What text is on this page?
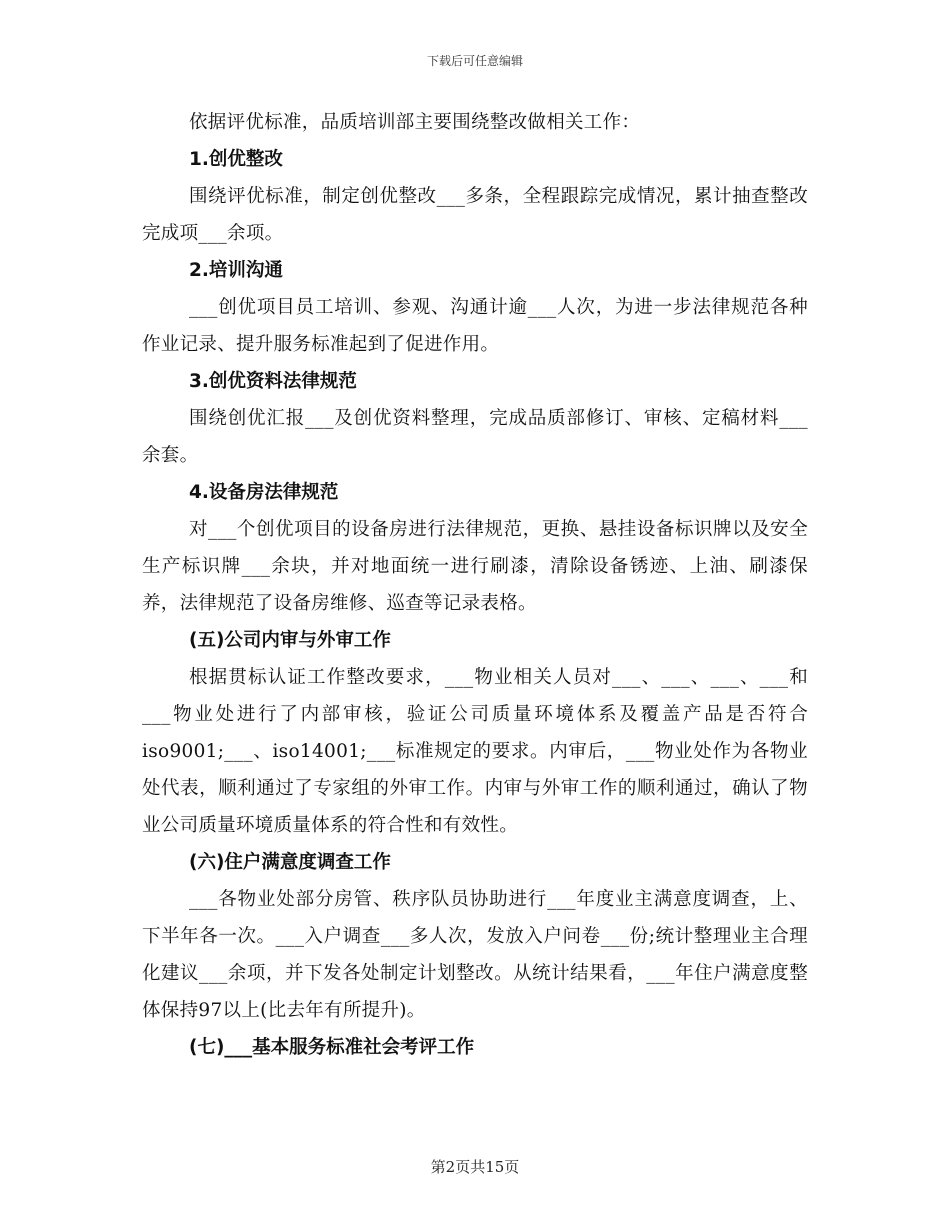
下载后可任意编辑
依据评优标准，品质培训部主要围绕整改做相关工作：
1.创优整改
围绕评优标准，制定创优整改___多条，全程跟踪完成情况，累计抽查整改完成项___余项。
2.培训沟通
___创优项目员工培训、参观、沟通计逾___人次，为进一步法律规范各种作业记录、提升服务标准起到了促进作用。
3.创优资料法律规范
围绕创优汇报___及创优资料整理，完成品质部修订、审核、定稿材料___余套。
4.设备房法律规范
对___个创优项目的设备房进行法律规范，更换、悬挂设备标识牌以及安全生产标识牌___余块，并对地面统一进行刷漆，清除设备锈迹、上油、刷漆保养，法律规范了设备房维修、巡查等记录表格。
(五)公司内审与外审工作
根据贯标认证工作整改要求，___物业相关人员对___、___、___、___和___物业处进行了内部审核，验证公司质量环境体系及覆盖产品是否符合iso9001;___、iso14001;___标准规定的要求。内审后，___物业处作为各物业处代表，顺利通过了专家组的外审工作。内审与外审工作的顺利通过，确认了物业公司质量环境质量体系的符合性和有效性。
(六)住户满意度调查工作
___各物业处部分房管、秩序队员协助进行___年度业主满意度调查，上、下半年各一次。___入户调查___多人次，发放入户问卷___份;统计整理业主合理化建议___余项，并下发各处制定计划整改。从统计结果看，___年住户满意度整体保持97以上(比去年有所提升)。
(七)___基本服务标准社会考评工作
第2页共15页
